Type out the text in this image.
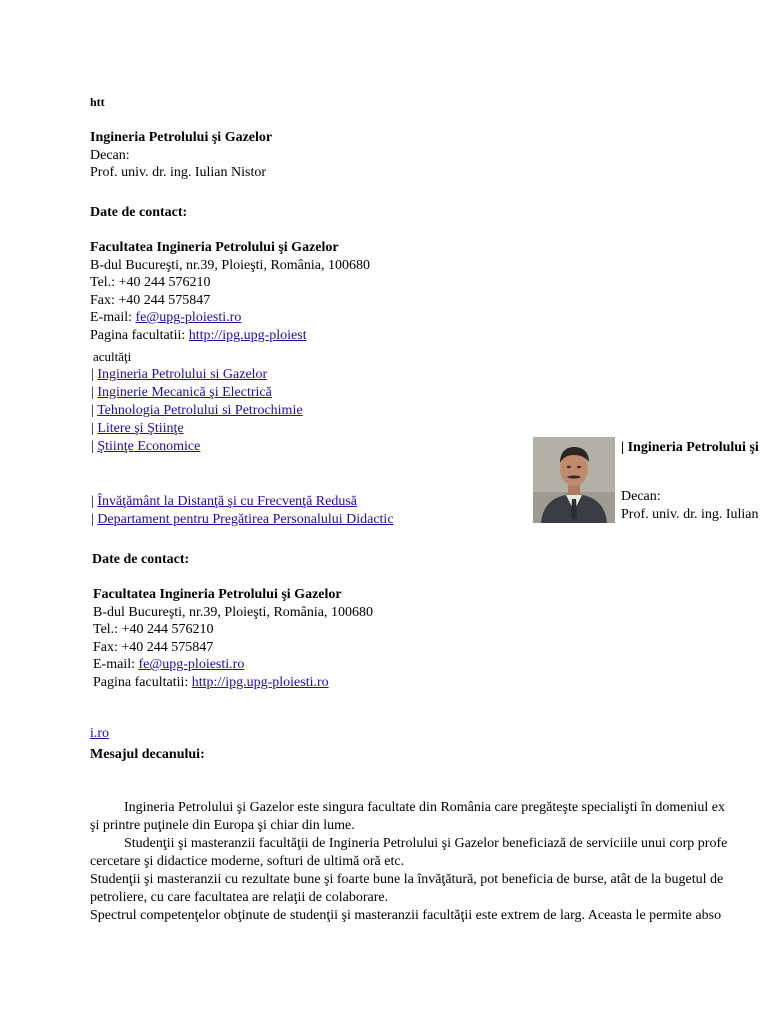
htt
Ingineria Petrolului şi Gazelor
Decan:
Prof. univ. dr. ing. Iulian Nistor
Date de contact:
Facultatea Ingineria Petrolului şi Gazelor
B-dul Bucureşti, nr.39, Ploieşti, România, 100680
Tel.: +40 244 576210
Fax: +40 244 575847
E-mail: fe@upg-ploiesti.ro
Pagina facultatii: http://ipg.upg-ploiest
acultăţi
| Ingineria Petrolului si Gazelor
| Inginerie Mecanică şi Electrică
| Tehnologia Petrolului si Petrochimie
| Litere şi Ştiinţe
| Ştiinţe Economice
| Învăţământ la Distanţă şi cu Frecvenţă Redusă
| Departament pentru Pregătirea Personalului Didactic
| Ingineria Petrolului şi
Decan:
Prof. univ. dr. ing. Iulian
Date de contact:
Facultatea Ingineria Petrolului şi Gazelor
B-dul Bucureşti, nr.39, Ploieşti, România, 100680
Tel.: +40 244 576210
Fax: +40 244 575847
E-mail: fe@upg-ploiesti.ro
Pagina facultatii: http://ipg.upg-ploiesti.ro
i.ro
Mesajul decanului:
Ingineria Petrolului şi Gazelor este singura facultate din România care pregăteşte specialişti în domeniul ex
şi printre puţinele din Europa şi chiar din lume.
Studenţii şi masteranzii facultăţii de Ingineria Petrolului şi Gazelor beneficiază de serviciile unui corp profe
cercetare şi didactice moderne, softuri de ultimă oră etc.
Studenţii şi masteranzii cu rezultate bune şi foarte bune la învăţătură, pot beneficia de burse, atât de la bugetul de
petroliere, cu care facultatea are relaţii de colaborare.
Spectrul competenţelor obţinute de studenţii şi masteranzii facultăţii este extrem de larg. Aceasta le permite abso
